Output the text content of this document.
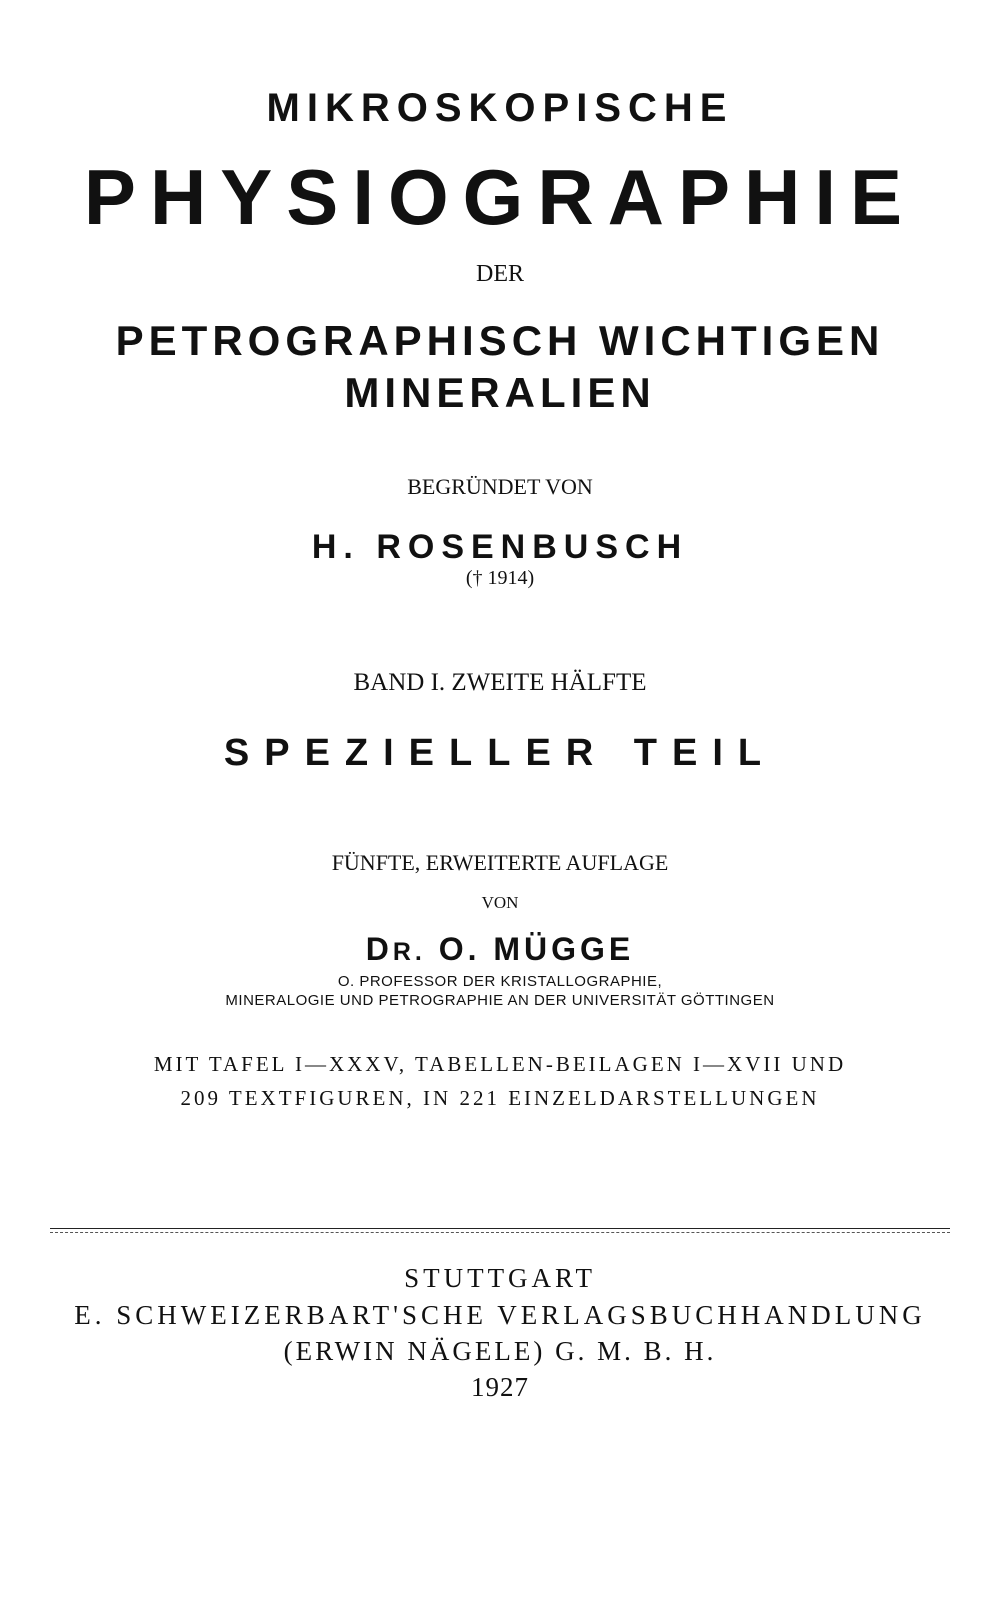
MIKROSKOPISCHE
PHYSIOGRAPHIE
DER
PETROGRAPHISCH WICHTIGEN
MINERALIEN
BEGRÜNDET VON
H. ROSENBUSCH
(† 1914)
BAND I. ZWEITE HÄLFTE
SPEZIELLER TEIL
FÜNFTE, ERWEITERTE AUFLAGE
VON
DR. O. MÜGGE
O. PROFESSOR DER KRISTALLOGRAPHIE,
MINERALOGIE UND PETROGRAPHIE AN DER UNIVERSITÄT GÖTTINGEN
MIT TAFEL I—XXXV, TABELLEN-BEILAGEN I—XVII UND
209 TEXTFIGUREN, IN 221 EINZELDARSTELLUNGEN
STUTTGART
E. SCHWEIZERBART'SCHE VERLAGSBUCHHANDLUNG
(ERWIN NÄGELE) G. M. B. H.
1927
